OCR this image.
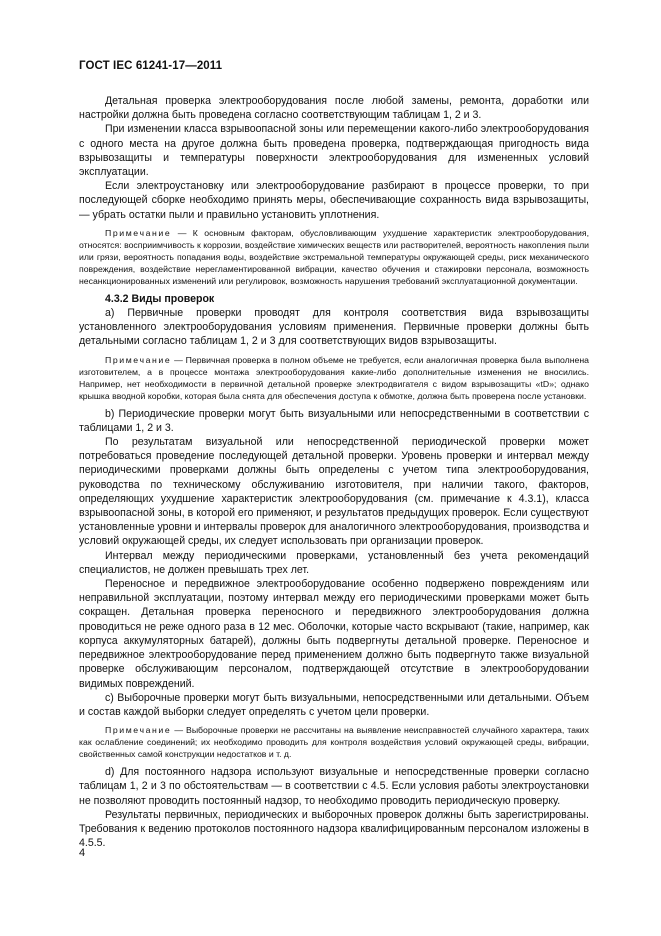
ГОСТ IEC 61241-17—2011

Детальная проверка электрооборудования после любой замены, ремонта, доработки или настройки должна быть проведена согласно соответствующим таблицам 1, 2 и 3.

При изменении класса взрывоопасной зоны или перемещении какого-либо электрооборудования с одного места на другое должна быть проведена проверка, подтверждающая пригодность вида взрывозащиты и температуры поверхности электрооборудования для измененных условий эксплуатации.

Если электроустановку или электрооборудование разбирают в процессе проверки, то при последующей сборке необходимо принять меры, обеспечивающие сохранность вида взрывозащиты, — убрать остатки пыли и правильно установить уплотнения.

Примечание — К основным факторам, обусловливающим ухудшение характеристик электрооборудования, относятся: восприимчивость к коррозии, воздействие химических веществ или растворителей, вероятность накопления пыли или грязи, вероятность попадания воды, воздействие экстремальной температуры окружающей среды, риск механического повреждения, воздействие нерегламентированной вибрации, качество обучения и стажировки персонала, возможность несанкционированных изменений или регулировок, возможность нарушения требований эксплуатационной документации.

4.3.2 Виды проверок

а) Первичные проверки проводят для контроля соответствия вида взрывозащиты установленного электрооборудования условиям применения. Первичные проверки должны быть детальными согласно таблицам 1, 2 и 3 для соответствующих видов взрывозащиты.

Примечание — Первичная проверка в полном объеме не требуется, если аналогичная проверка была выполнена изготовителем, а в процессе монтажа электрооборудования какие-либо дополнительные изменения не вносились. Например, нет необходимости в первичной детальной проверке электродвигателя с видом взрывозащиты «tD»; однако крышка вводной коробки, которая была снята для обеспечения доступа к обмотке, должна быть проверена после установки.

b) Периодические проверки могут быть визуальными или непосредственными в соответствии с таблицами 1, 2 и 3.

По результатам визуальной или непосредственной периодической проверки может потребоваться проведение последующей детальной проверки. Уровень проверки и интервал между периодическими проверками должны быть определены с учетом типа электрооборудования, руководства по техническому обслуживанию изготовителя, при наличии такого, факторов, определяющих ухудшение характеристик электрооборудования (см. примечание к 4.3.1), класса взрывоопасной зоны, в которой его применяют, и результатов предыдущих проверок. Если существуют установленные уровни и интервалы проверок для аналогичного электрооборудования, производства и условий окружающей среды, их следует использовать при организации проверок.

Интервал между периодическими проверками, установленный без учета рекомендаций специалистов, не должен превышать трех лет.

Переносное и передвижное электрооборудование особенно подвержено повреждениям или неправильной эксплуатации, поэтому интервал между его периодическими проверками может быть сокращен. Детальная проверка переносного и передвижного электрооборудования должна проводиться не реже одного раза в 12 мес. Оболочки, которые часто вскрывают (такие, например, как корпуса аккумуляторных батарей), должны быть подвергнуты детальной проверке. Переносное и передвижное электрооборудование перед применением должно быть подвергнуто также визуальной проверке обслуживающим персоналом, подтверждающей отсутствие в электрооборудовании видимых повреждений.

с) Выборочные проверки могут быть визуальными, непосредственными или детальными. Объем и состав каждой выборки следует определять с учетом цели проверки.

Примечание — Выборочные проверки не рассчитаны на выявление неисправностей случайного характера, таких как ослабление соединений; их необходимо проводить для контроля воздействия условий окружающей среды, вибрации, свойственных самой конструкции недостатков и т. д.

d) Для постоянного надзора используют визуальные и непосредственные проверки согласно таблицам 1, 2 и 3 по обстоятельствам — в соответствии с 4.5. Если условия работы электроустановки не позволяют проводить постоянный надзор, то необходимо проводить периодическую проверку.

Результаты первичных, периодических и выборочных проверок должны быть зарегистрированы. Требования к ведению протоколов постоянного надзора квалифицированным персоналом изложены в 4.5.5.

4
